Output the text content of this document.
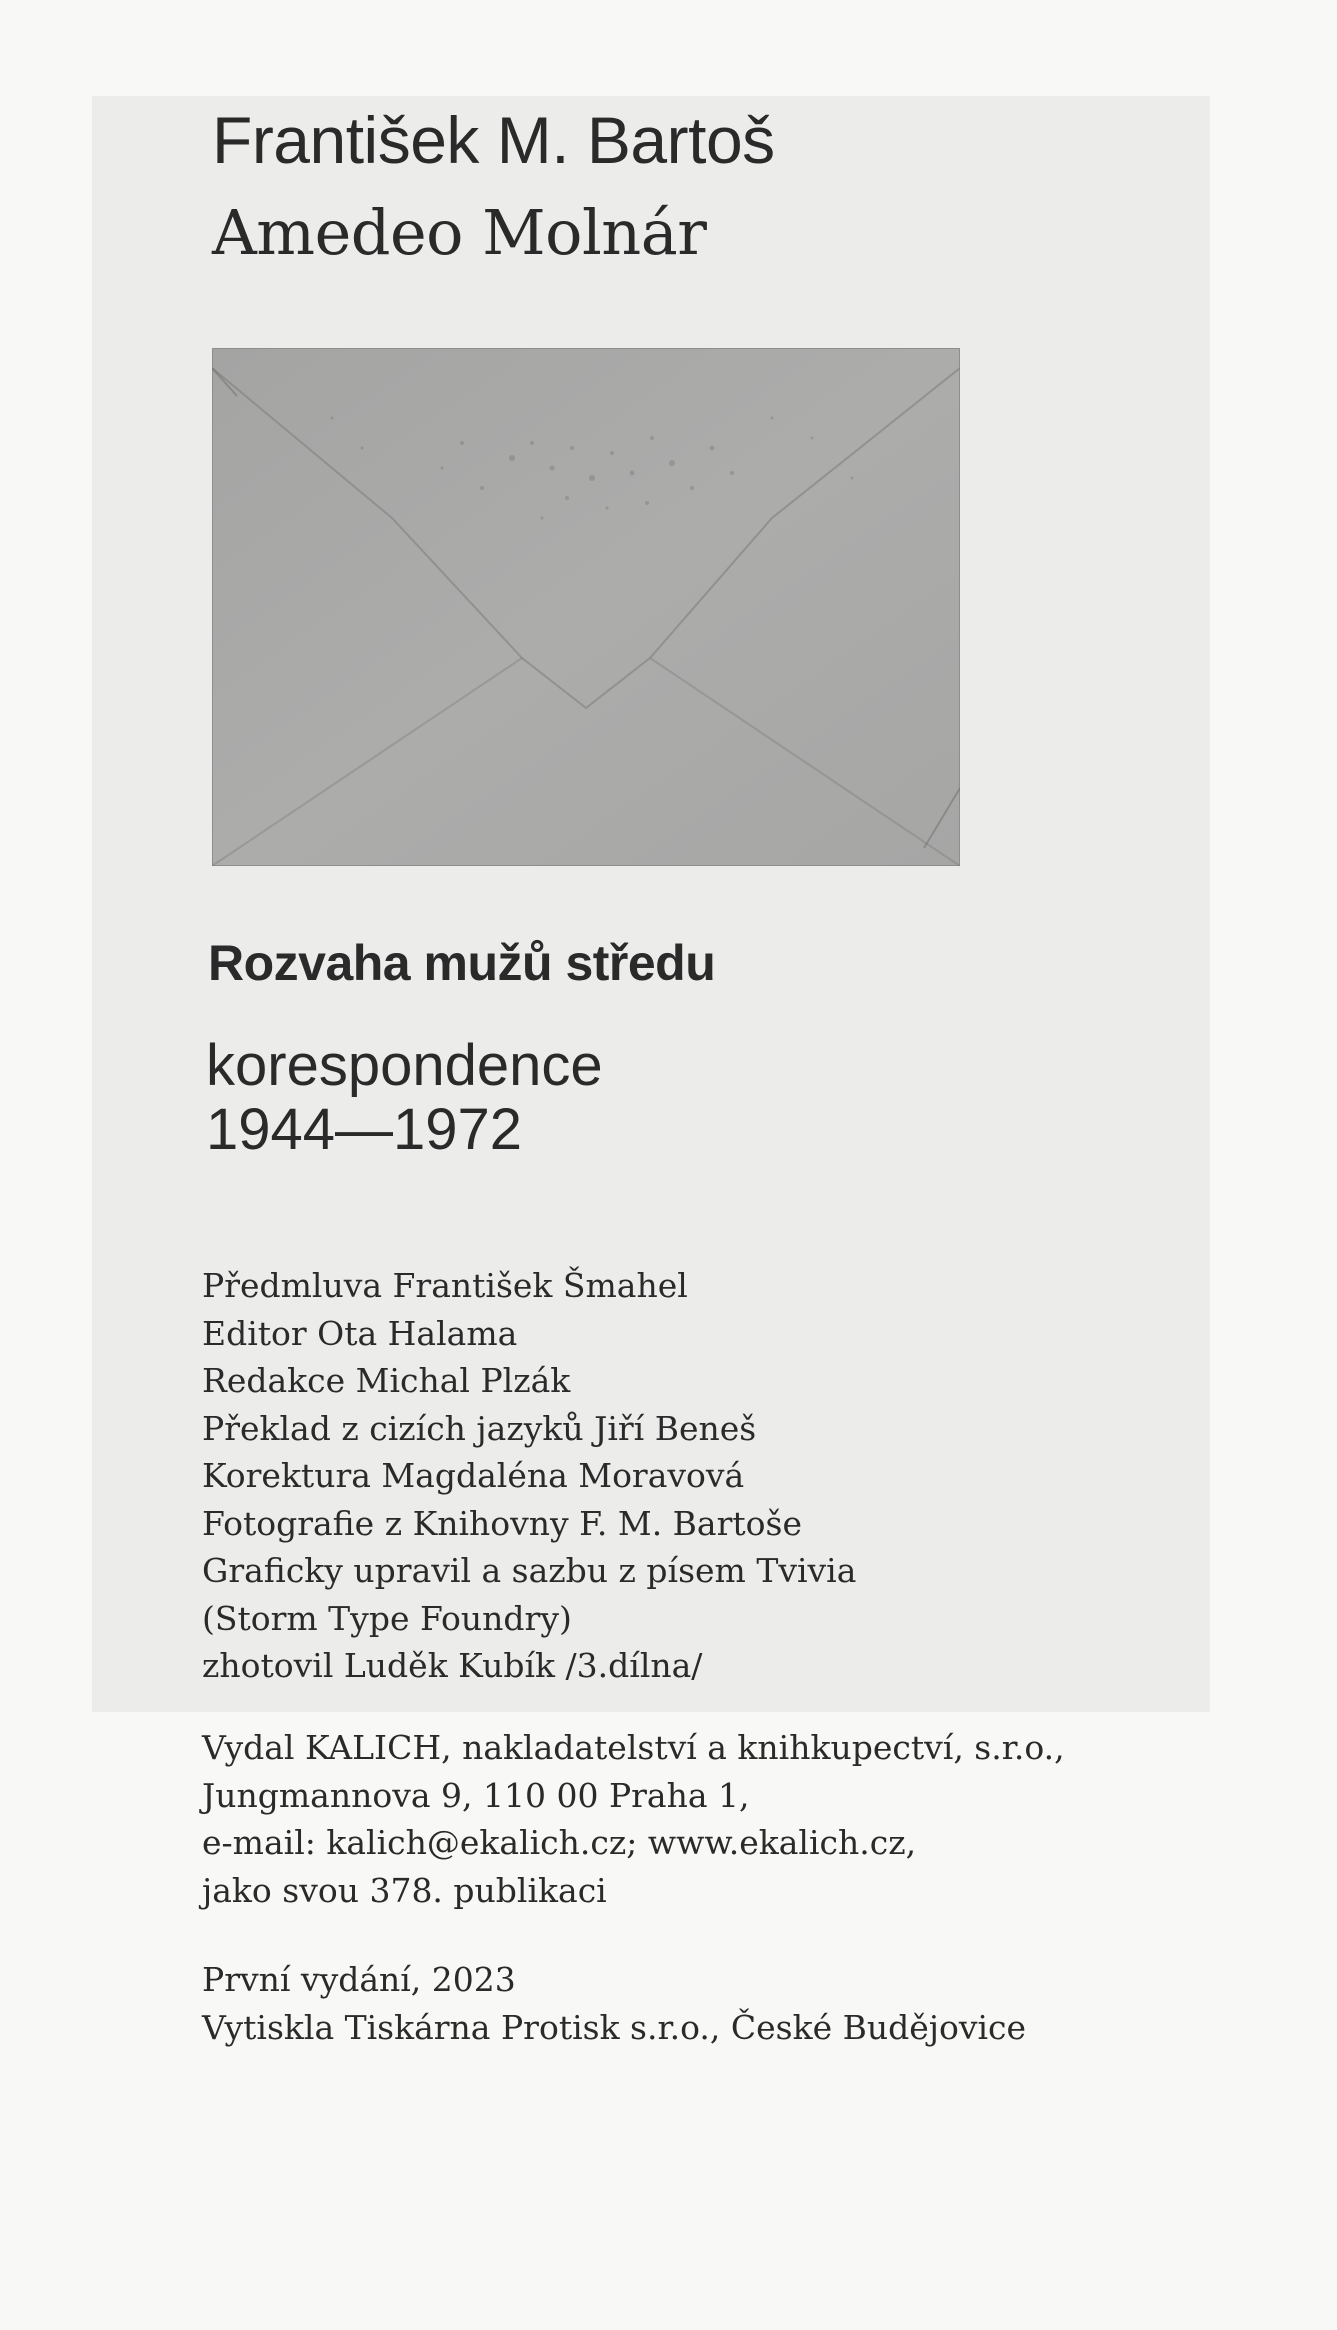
František M. Bartoš
Amedeo Molnár
Rozvaha mužů středu

korespondence

1944—1972

Předmluva František Šmahel
Editor Ota Halama
Redakce Michal Plzák
Překlad z cizích jazyků Jiří Beneš
Korektura Magdaléna Moravová
Fotografie z Knihovny F. M. Bartoše
Graficky upravil a sazbu z písem Tvivia
(Storm Type Foundry)
zhotovil Luděk Kubík /3.dílna/
Vydal KALICH, nakladatelství a knihkupectví, s.r.o.,
Jungmannova 9, 110 00 Praha 1,
e-mail: kalich@ekalich.cz; www.ekalich.cz,
jako svou 378. publikaci
První vydání, 2023
Vytiskla Tiskárna Protisk s.r.o., České Budějovice
